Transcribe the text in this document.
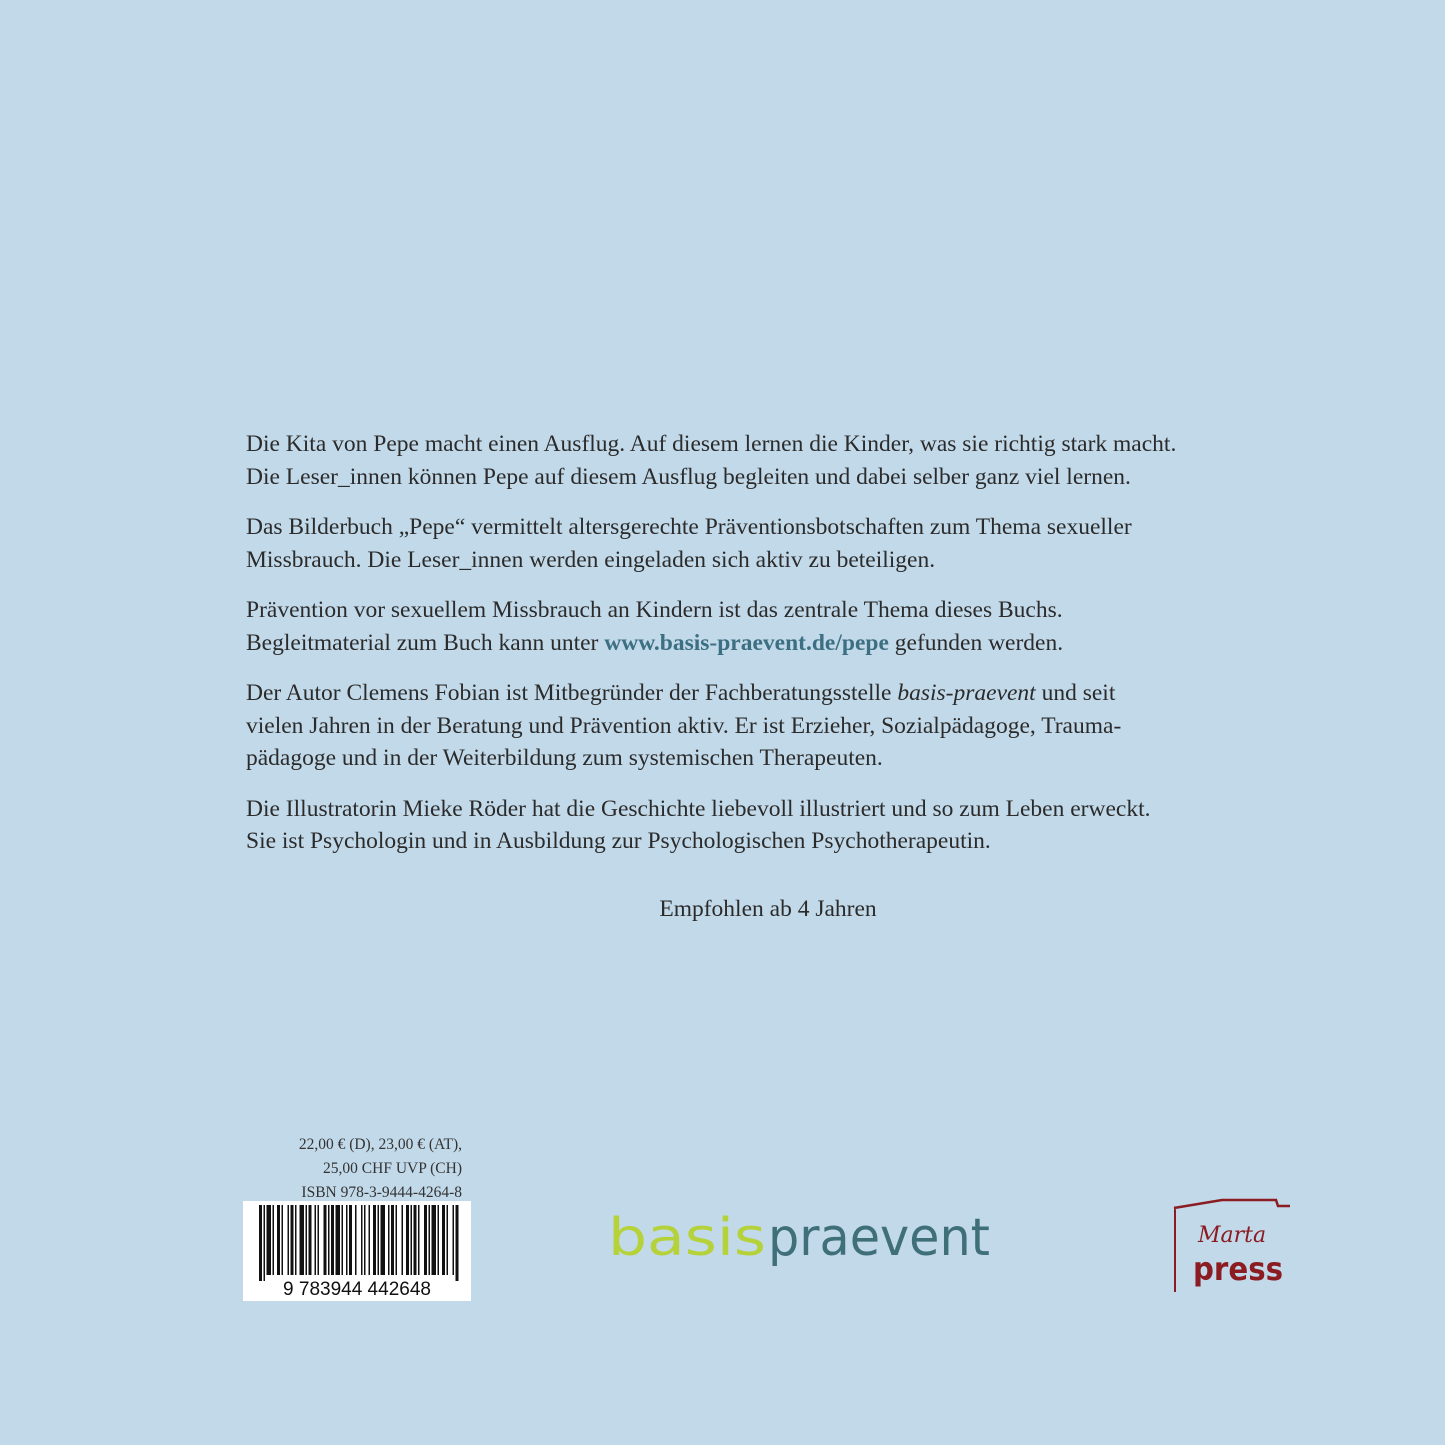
Die Kita von Pepe macht einen Ausflug. Auf diesem lernen die Kinder, was sie richtig stark macht.
Die Leser_innen können Pepe auf diesem Ausflug begleiten und dabei selber ganz viel lernen.

Das Bilderbuch „Pepe“ vermittelt altersgerechte Präventionsbotschaften zum Thema sexueller
Missbrauch. Die Leser_innen werden eingeladen sich aktiv zu beteiligen.

Prävention vor sexuellem Missbrauch an Kindern ist das zentrale Thema dieses Buchs.
Begleitmaterial zum Buch kann unter www.basis-praevent.de/pepe gefunden werden.

Der Autor Clemens Fobian ist Mitbegründer der Fachberatungsstelle basis-praevent und seit
vielen Jahren in der Beratung und Prävention aktiv. Er ist Erzieher, Sozialpädagoge, Trauma-
pädagoge und in der Weiterbildung zum systemischen Therapeuten.

Die Illustratorin Mieke Röder hat die Geschichte liebevoll illustriert und so zum Leben erweckt.
Sie ist Psychologin und in Ausbildung zur Psychologischen Psychotherapeutin.

Empfohlen ab 4 Jahren
22,00 € (D), 23,00 € (AT),
25,00 CHF UVP (CH)
ISBN 978-3-9444-4264-8
9 783944 442648
basis praevent	Marta
press
